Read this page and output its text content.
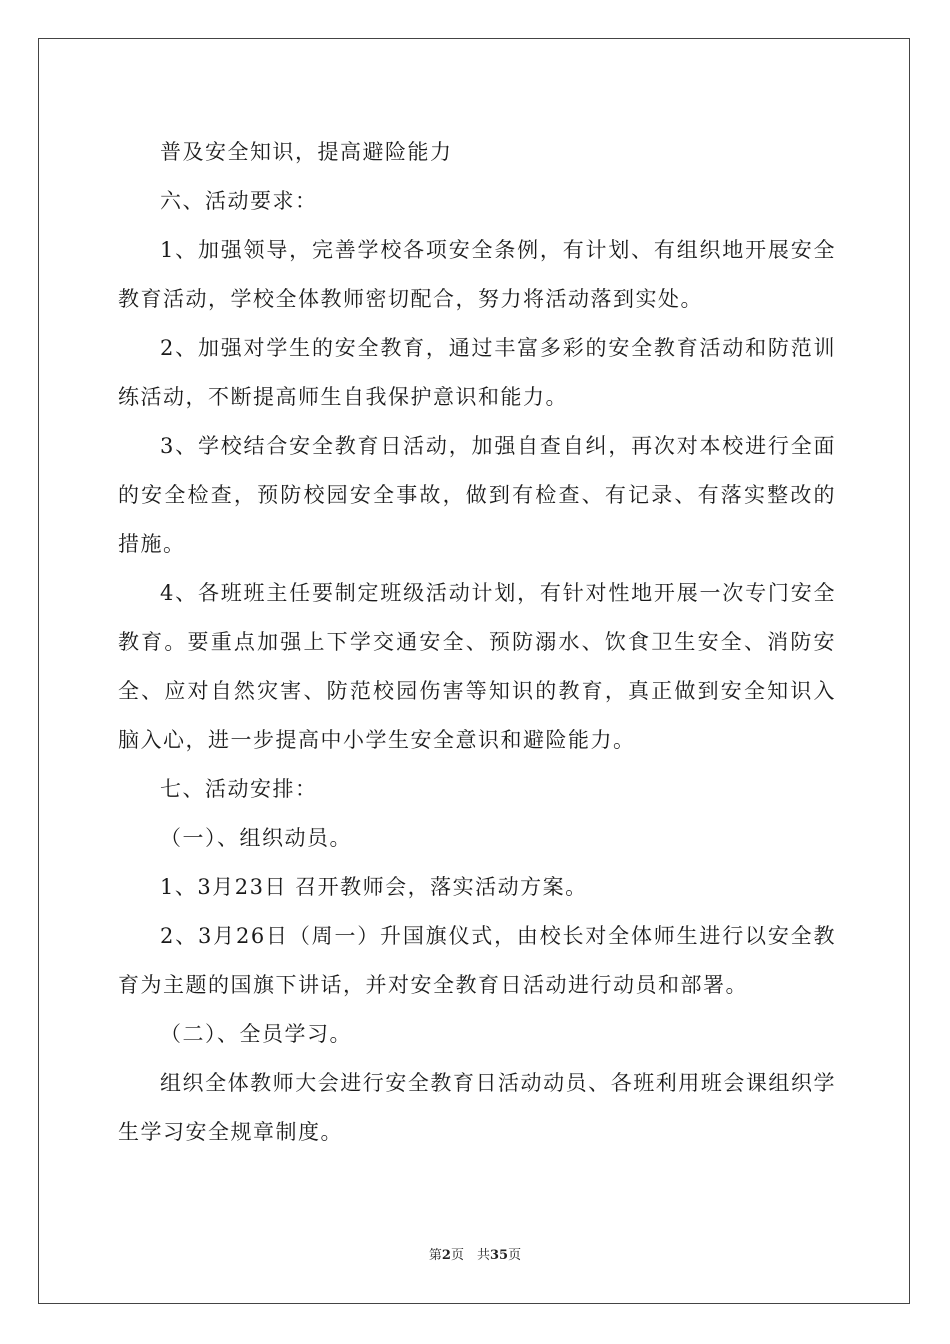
普及安全知识，提高避险能力

六、活动要求：

1、加强领导，完善学校各项安全条例，有计划、有组织地开展安全教育活动，学校全体教师密切配合，努力将活动落到实处。

2、加强对学生的安全教育，通过丰富多彩的安全教育活动和防范训练活动，不断提高师生自我保护意识和能力。

3、学校结合安全教育日活动，加强自查自纠，再次对本校进行全面的安全检查，预防校园安全事故，做到有检查、有记录、有落实整改的措施。

4、各班班主任要制定班级活动计划，有针对性地开展一次专门安全教育。要重点加强上下学交通安全、预防溺水、饮食卫生安全、消防安全、应对自然灾害、防范校园伤害等知识的教育，真正做到安全知识入脑入心，进一步提高中小学生安全意识和避险能力。

七、活动安排：

（一）、组织动员。

1、3月23日 召开教师会，落实活动方案。

2、3月26日（周一）升国旗仪式，由校长对全体师生进行以安全教育为主题的国旗下讲话，并对安全教育日活动进行动员和部署。

（二）、全员学习。

组织全体教师大会进行安全教育日活动动员、各班利用班会课组织学生学习安全规章制度。

第2页　共35页
